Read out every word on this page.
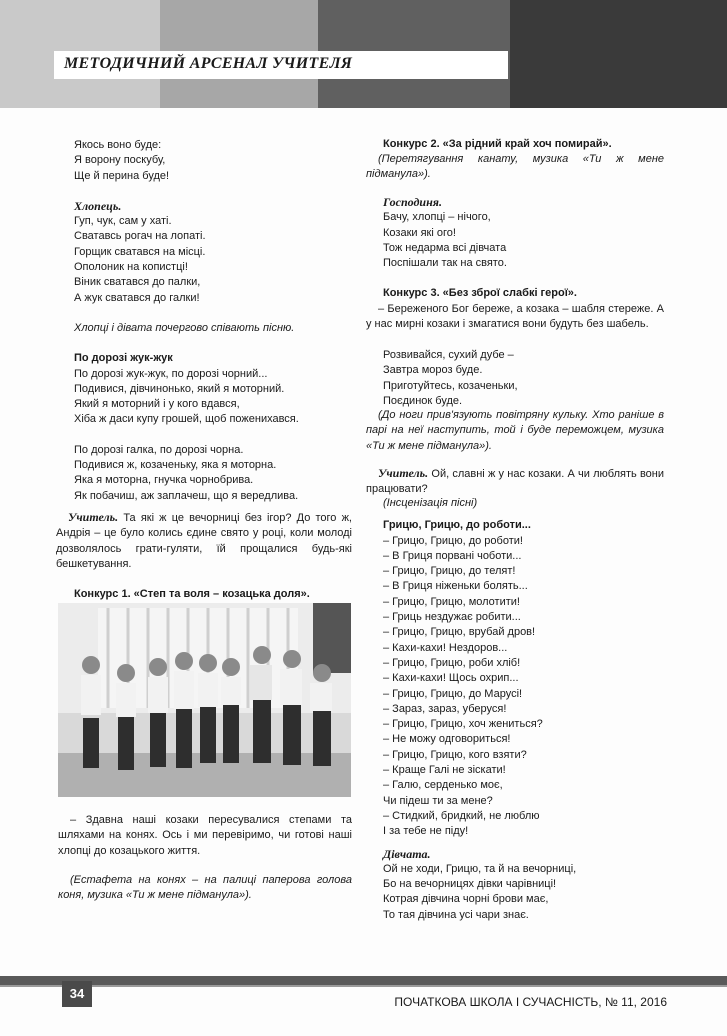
МЕТОДИЧНИЙ АРСЕНАЛ УЧИТЕЛЯ

Якось воно буде:

Я ворону поскубу,

Ще й перина буде!

Хлопець.

Гуп, чук, сам у хаті.

Сватавсь рогач на лопаті.

Горщик сватався на місці.

Ополоник на копистці!

Віник сватався до палки,

А жук сватався до галки!

Хлопці і дівата почергово співають пісню.

По дорозі жук-жук

По дорозі жук-жук, по дорозі чорний...

Подивися, дівчинонько, який я моторний.

Який я моторний і у кого вдався,

Хіба ж даси купу грошей, щоб поженихався.

По дорозі галка, по дорозі чорна.

Подивися ж, козаченьку, яка я моторна.

Яка я моторна, гнучка чорнобрива.

Як побачиш, аж заплачеш, що я вередлива.

Учитель. Та які ж це вечорниці без ігор? До того ж, Андрія – це було колись єдине свято у році, коли молоді дозволялось грати-гуляти, їй прощалися будь-які бешкетування.

Конкурс 1. «Степ та воля – козацька доля».

– Здавна наші козаки пересувалися степами та шляхами на конях. Ось і ми перевіримо, чи готові наші хлопці до козацького життя.

(Естафета на конях – на палиці паперова голова коня, музика «Ти ж мене підманула»).

Конкурс 2. «За рідний край хоч помирай».

(Перетягування канату, музика «Ти ж мене підманула»).

Господиня.

Бачу, хлопці – нічого,

Козаки які ого!

Тож недарма всі дівчата

Поспішали так на свято.

Конкурс 3. «Без зброї слабкі герої».

– Береженого Бог береже, а козака – шабля стереже. А у нас мирні козаки і змагатися вони будуть без шабель.

Розвивайся, сухий дубе –

Завтра мороз буде.

Приготуйтесь, козаченьки,

Поєдинок буде.

(До ноги прив'язують повітряну кульку. Хто раніше в парі на неї наступить, той і буде переможцем, музика «Ти ж мене підманула»).

Учитель. Ой, славні ж у нас козаки. А чи люблять вони працювати?

(Інсценізація пісні)

Грицю, Грицю, до роботи...

– Грицю, Грицю, до роботи!

– В Гриця порвані чоботи...

– Грицю, Грицю, до телят!

– В Гриця ніженьки болять...

– Грицю, Грицю, молотити!

– Гриць нездужає робити...

– Грицю, Грицю, врубай дров!

– Кахи-кахи! Нездоров...

– Грицю, Грицю, роби хліб!

– Кахи-кахи! Щось охрип...

– Грицю, Грицю, до Марусі!

– Зараз, зараз, уберуся!

– Грицю, Грицю, хоч жениться?

– Не можу одговориться!

– Грицю, Грицю, кого взяти?

– Краще Галі не зіскати!

– Галю, серденько моє,

Чи підеш ти за мене?

– Стидкий, бридкий, не люблю

І за тебе не піду!

Дівчата.

Ой не ходи, Грицю, та й на вечорниці,

Бо на вечорницях дівки чарівниці!

Котрая дівчина чорні брови має,

То тая дівчина усі чари знає.

34
ПОЧАТКОВА ШКОЛА І СУЧАСНІСТЬ, № 11, 2016
